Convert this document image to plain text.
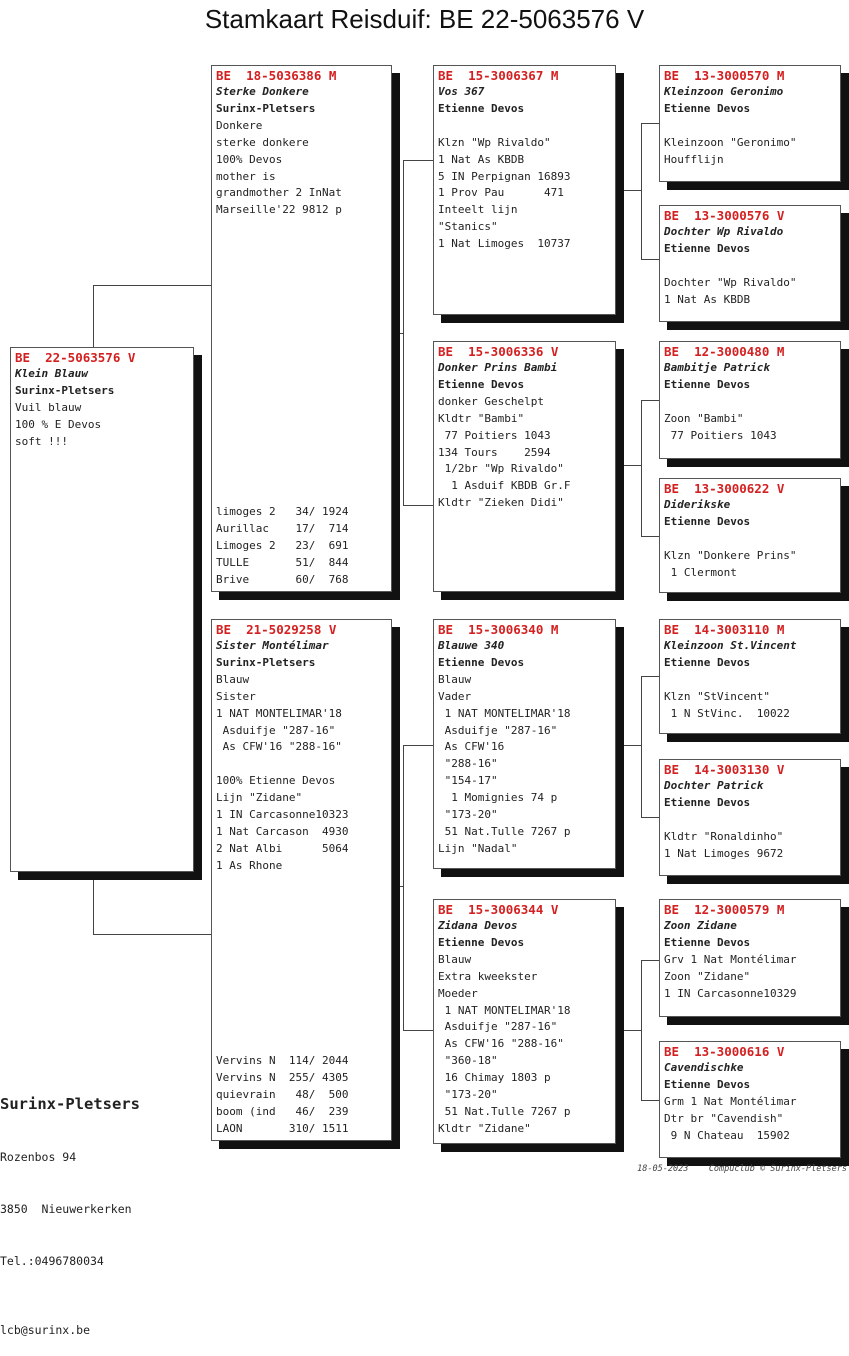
Stamkaart Reisduif: BE 22-5063576 V
BE  22-5063576 V
Klein Blauw
Surinx-Pletsers
Vuil blauw
100 % E Devos
soft !!!
BE  18-5036386 M
Sterke Donkere
Surinx-Pletsers
Donkere
sterke donkere
100% Devos
mother is
grandmother 2 InNat
Marseille'22 9812 p
limoges 2   34/ 1924
Aurillac    17/  714
Limoges 2   23/  691
TULLE       51/  844
Brive       60/  768
BE  21-5029258 V
Sister Montélimar
Surinx-Pletsers
Blauw
Sister
1 NAT MONTELIMAR'18
Asduifje "287-16"
As CFW'16 "288-16"
100% Etienne Devos
Lijn "Zidane"
1 IN Carcasonne10323
1 Nat Carcason  4930
2 Nat Albi      5064
1 As Rhone
Vervins N  114/ 2044
Vervins N  255/ 4305
quievrain   48/  500
boom (ind   46/  239
LAON       310/ 1511
BE  15-3006367 M
Vos 367
Etienne Devos
Klzn "Wp Rivaldo"
1 Nat As KBDB
5 IN Perpignan 16893
1 Prov Pau      471
Inteelt lijn
"Stanics"
1 Nat Limoges  10737
BE  15-3006336 V
Donker Prins Bambi
Etienne Devos
donker Geschelpt
Kldtr "Bambi"
77 Poitiers 1043
134 Tours    2594
1/2br "Wp Rivaldo"
1 Asduif KBDB Gr.F
Kldtr "Zieken Didi"
BE  15-3006340 M
Blauwe 340
Etienne Devos
Blauw
Vader
1 NAT MONTELIMAR'18
Asduifje "287-16"
As CFW'16
"288-16"
"154-17"
1 Momignies 74 p
"173-20"
51 Nat.Tulle 7267 p
Lijn "Nadal"
BE  15-3006344 V
Zidana Devos
Etienne Devos
Blauw
Extra kweekster
Moeder
1 NAT MONTELIMAR'18
Asduifje "287-16"
As CFW'16 "288-16"
"360-18"
16 Chimay 1803 p
"173-20"
51 Nat.Tulle 7267 p
Kldtr "Zidane"
BE  13-3000570 M
Kleinzoon Geronimo
Etienne Devos
Kleinzoon "Geronimo"
Houfflijn
BE  13-3000576 V
Dochter Wp Rivaldo
Etienne Devos
Dochter "Wp Rivaldo"
1 Nat As KBDB
BE  12-3000480 M
Bambitje Patrick
Etienne Devos
Zoon "Bambi"
77 Poitiers 1043
BE  13-3000622 V
Diderikske
Etienne Devos
Klzn "Donkere Prins"
1 Clermont
BE  14-3003110 M
Kleinzoon St.Vincent
Etienne Devos
Klzn "StVincent"
1 N StVinc.  10022
BE  14-3003130 V
Dochter Patrick
Etienne Devos
Kldtr "Ronaldinho"
1 Nat Limoges 9672
BE  12-3000579 M
Zoon Zidane
Etienne Devos
Grv 1 Nat Montélimar
Zoon "Zidane"
1 IN Carcasonne10329
BE  13-3000616 V
Cavendischke
Etienne Devos
Grm 1 Nat Montélimar
Dtr br "Cavendish"
9 N Chateau  15902

Surinx-Pletsers

Rozenbos 94

3850  Nieuwerkerken

Tel.:0496780034

lcb@surinx.be

18-05-2023    Compuclub © Surinx-Pletsers
